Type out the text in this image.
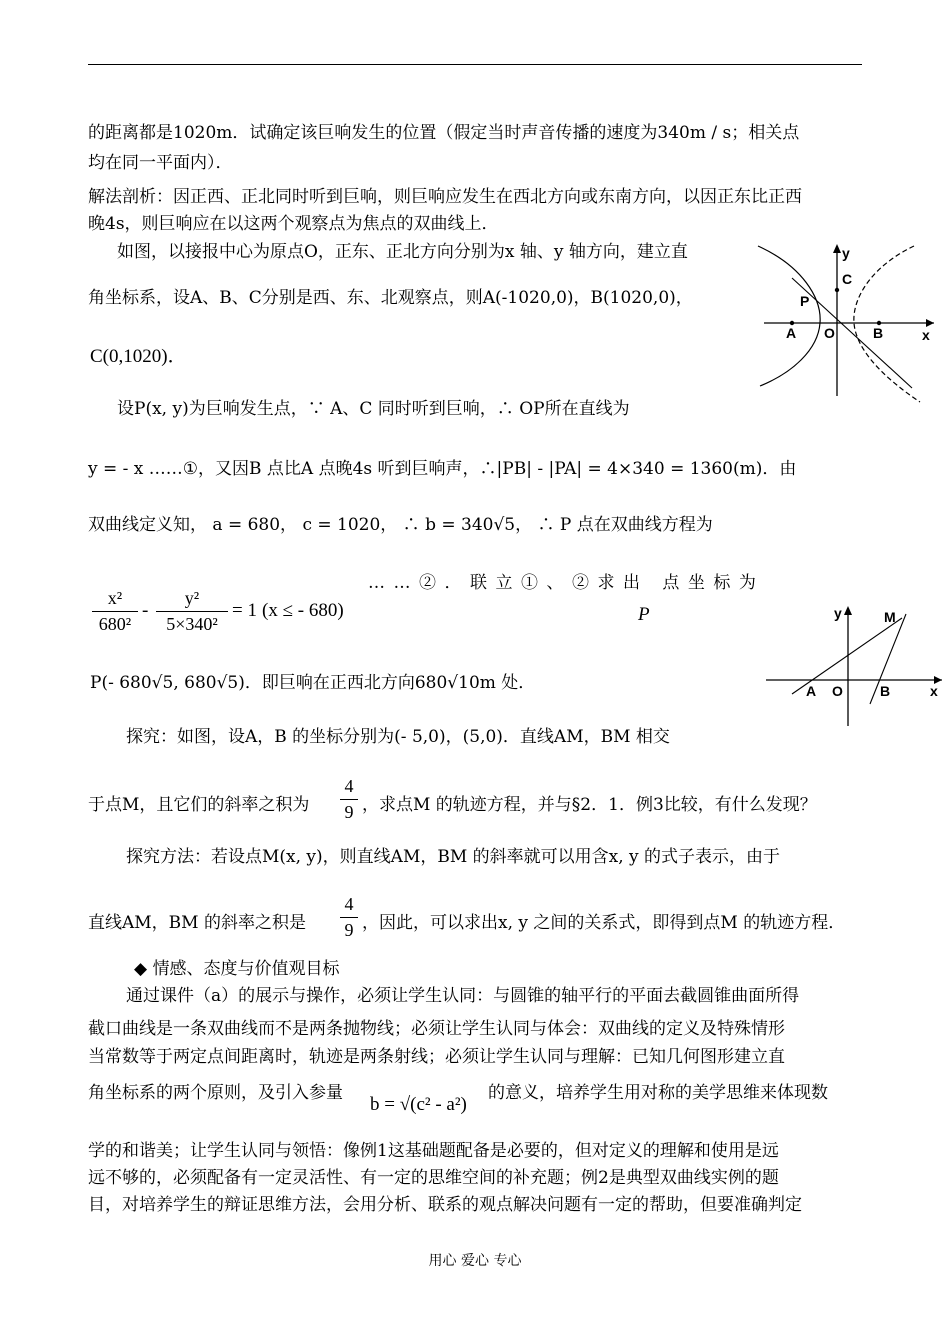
的距离都是1020m．试确定该巨响发生的位置（假定当时声音传播的速度为340m / s；相关点
均在同一平面内）．
解法剖析：因正西、正北同时听到巨响，则巨响应发生在西北方向或东南方向，以因正东比正西
晚4s，则巨响应在以这两个观察点为焦点的双曲线上．
如图，以接报中心为原点O，正东、正北方向分别为x 轴、y 轴方向，建立直
角坐标系，设A、B、C分别是西、东、北观察点，则A(-1020,0)，B(1020,0)，
C(0,1020)．
y
C
P
A O	B	x
设P(x, y)为巨响发生点，∵ A、C 同时听到巨响，∴ OP所在直线为
y = - x ……①，又因B 点比A 点晚4s 听到巨响声，∴|PB| - |PA| = 4×340 = 1360(m)．由
双曲线定义知， a = 680， c = 1020， ∴ b = 340√5， ∴ P 点在双曲线方程为
……②．联立①、②求出 点坐标为
P
x²
680²
-
y²
5×340²
= 1 (x ≤ - 680)
P(- 680√5, 680√5)．即巨响在正西北方向680√10m 处．
y	M
A O	B	x
探究：如图，设A，B 的坐标分别为(- 5,0)，(5,0)．直线AM，BM 相交
于点M，且它们的斜率之积为
4
9 ，求点M 的轨迹方程，并与§2．1．例3比较，有什么发现？
探究方法：若设点M(x, y)，则直线AM，BM 的斜率就可以用含x, y 的式子表示，由于
直线AM，BM 的斜率之积是
4
9 ，因此，可以求出x, y 之间的关系式，即得到点M 的轨迹方程．
◆ 情感、态度与价值观目标
通过课件（a）的展示与操作，必须让学生认同：与圆锥的轴平行的平面去截圆锥曲面所得
截口曲线是一条双曲线而不是两条抛物线；必须让学生认同与体会：双曲线的定义及特殊情形
当常数等于两定点间距离时，轨迹是两条射线；必须让学生认同与理解：已知几何图形建立直
角坐标系的两个原则，及引入参量
b = √(c² - a²)
的意义，培养学生用对称的美学思维来体现数
学的和谐美；让学生认同与领悟：像例1这基础题配备是必要的，但对定义的理解和使用是远
远不够的，必须配备有一定灵活性、有一定的思维空间的补充题；例2是典型双曲线实例的题
目，对培养学生的辩证思维方法，会用分析、联系的观点解决问题有一定的帮助，但要准确判定
用心 爱心 专心
